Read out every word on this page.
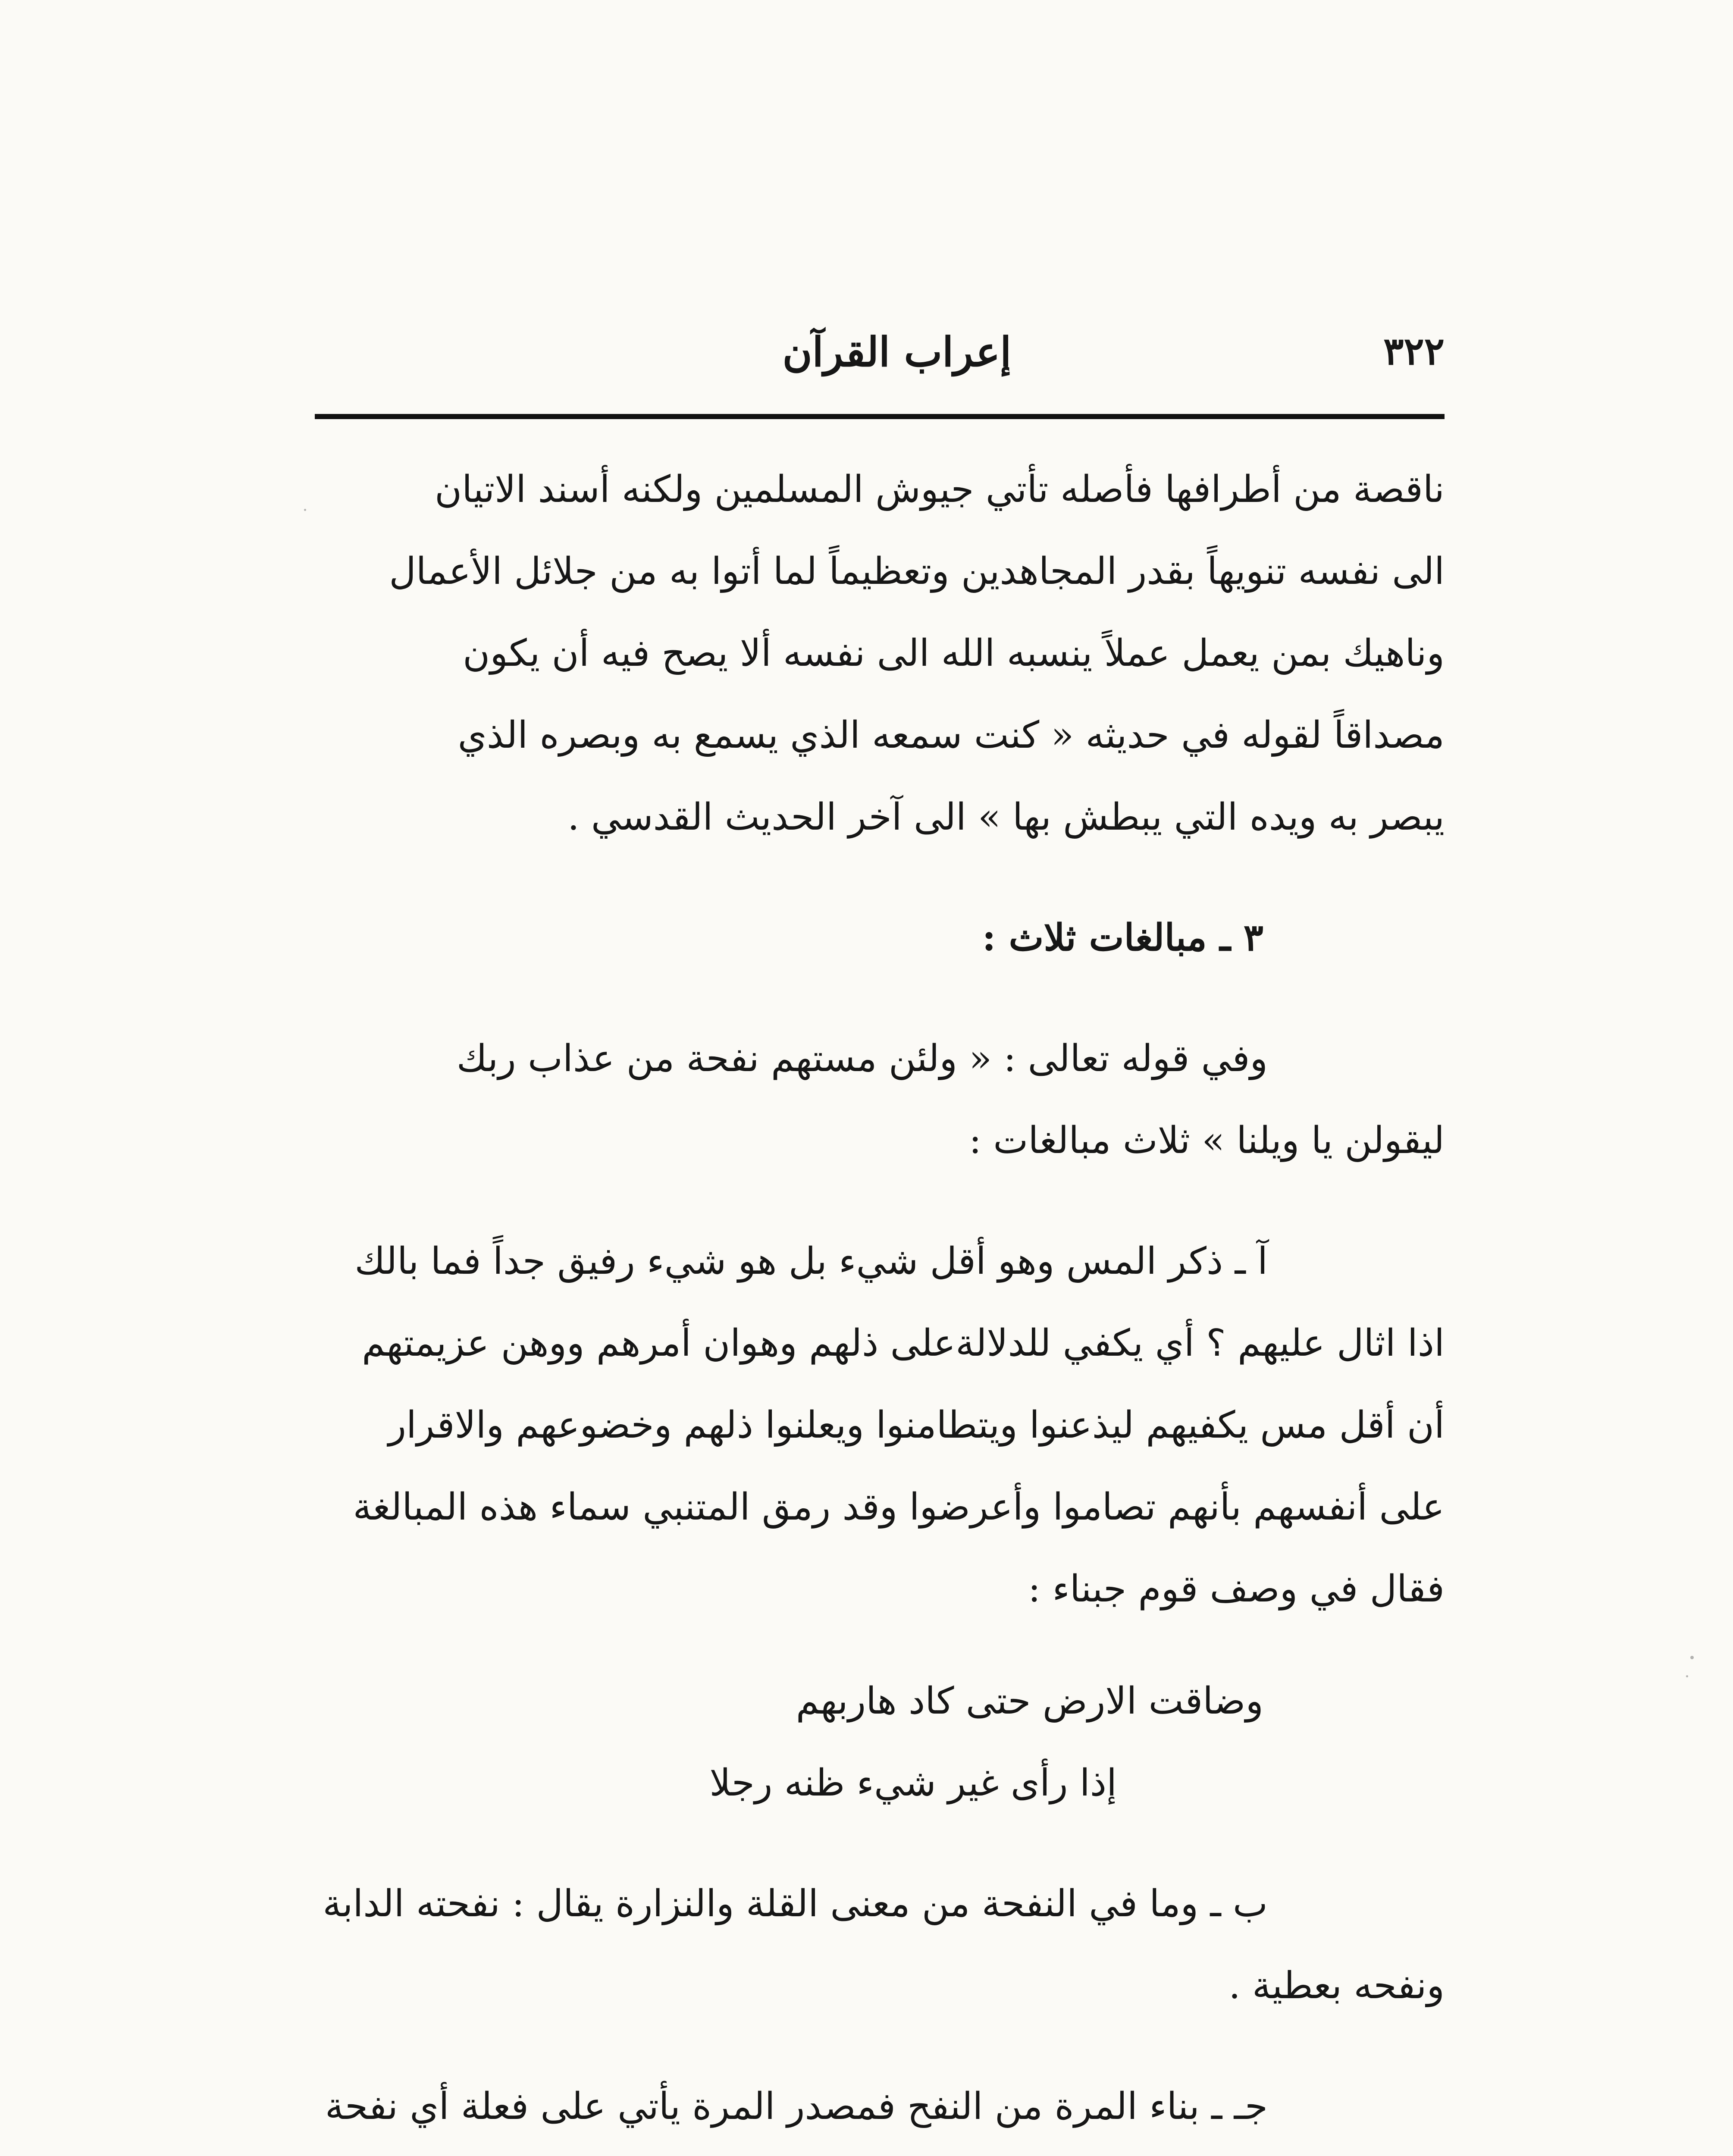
٣٢٢
إعراب القرآن

ناقصة من أطرافها فأصله تأتي جيوش المسلمين ولكنه أسند الاتيان

الى نفسه تنويهاً بقدر المجاهدين وتعظيماً لما أتوا به من جلائل الأعمال

وناهيك بمن يعمل عملاً ينسبه الله الى نفسه ألا يصح فيه أن يكون

مصداقاً لقوله في حديثه « كنت سمعه الذي يسمع به وبصره الذي

يبصر به ويده التي يبطش بها » الى آخر الحديث القدسي .

٣ ـ مبالغات ثلاث :

وفي قوله تعالى : « ولئن مستهم نفحة من عذاب ربك

ليقولن يا ويلنا » ثلاث مبالغات :

آ ـ ذكر المس وهو أقل شيء بل هو شيء رفيق جداً فما بالك

اذا اثال عليهم ؟ أي يكفي للدلالةعلى ذلهم وهوان أمرهم ووهن عزيمتهم

أن أقل مس يكفيهم ليذعنوا ويتطامنوا ويعلنوا ذلهم وخضوعهم والاقرار

على أنفسهم بأنهم تصاموا وأعرضوا وقد رمق المتنبي سماء هذه المبالغة

فقال في وصف قوم جبناء :

وضاقت الارض حتى كاد هاربهم

إذا رأى غير شيء ظنه رجلا

ب ـ وما في النفحة من معنى القلة والنزارة يقال : نفحته الدابة

ونفحه بعطية .

جـ ـ بناء المرة من النفح فمصدر المرة يأتي على فعلة أي نفحة
